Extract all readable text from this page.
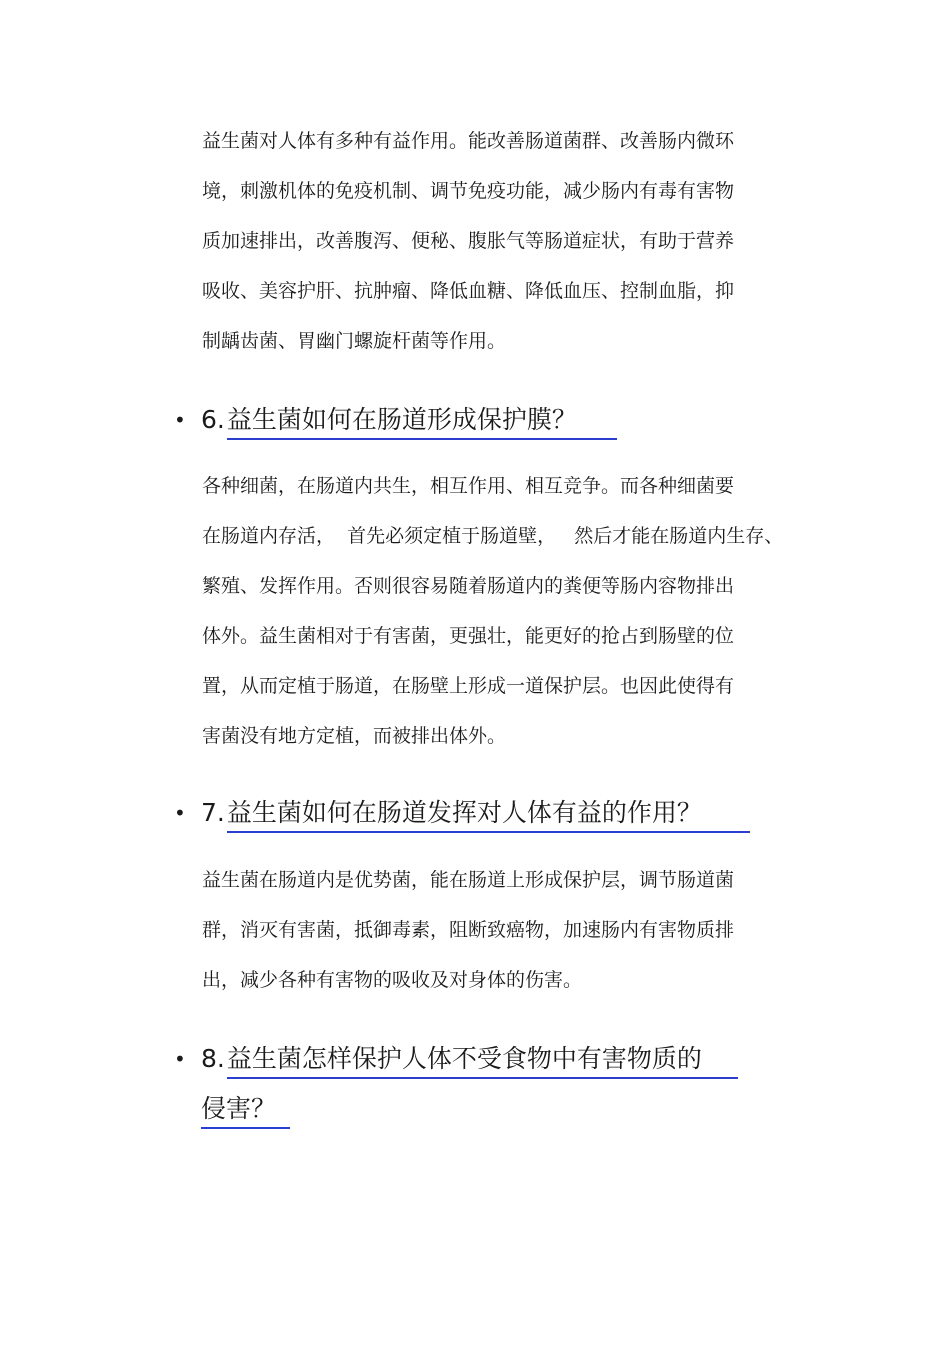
益生菌对人体有多种有益作用。能改善肠道菌群、改善肠内微环
境，刺激机体的免疫机制、调节免疫功能，减少肠内有毒有害物
质加速排出，改善腹泻、便秘、腹胀气等肠道症状，有助于营养
吸收、美容护肝、抗肿瘤、降低血糖、降低血压、控制血脂，抑
制龋齿菌、胃幽门螺旋杆菌等作用。
• 6.益生菌如何在肠道形成保护膜？
各种细菌，在肠道内共生，相互作用、相互竞争。而各种细菌要
在肠道内存活，  首先必须定植于肠道壁，   然后才能在肠道内生存、
繁殖、发挥作用。否则很容易随着肠道内的粪便等肠内容物排出
体外。益生菌相对于有害菌，更强壮，能更好的抢占到肠壁的位
置，从而定植于肠道，在肠壁上形成一道保护层。也因此使得有
害菌没有地方定植，而被排出体外。
• 7.益生菌如何在肠道发挥对人体有益的作用？
益生菌在肠道内是优势菌，能在肠道上形成保护层，调节肠道菌
群，消灭有害菌，抵御毒素，阻断致癌物，加速肠内有害物质排
出，减少各种有害物的吸收及对身体的伤害。
• 8.益生菌怎样保护人体不受食物中有害物质的
侵害？
